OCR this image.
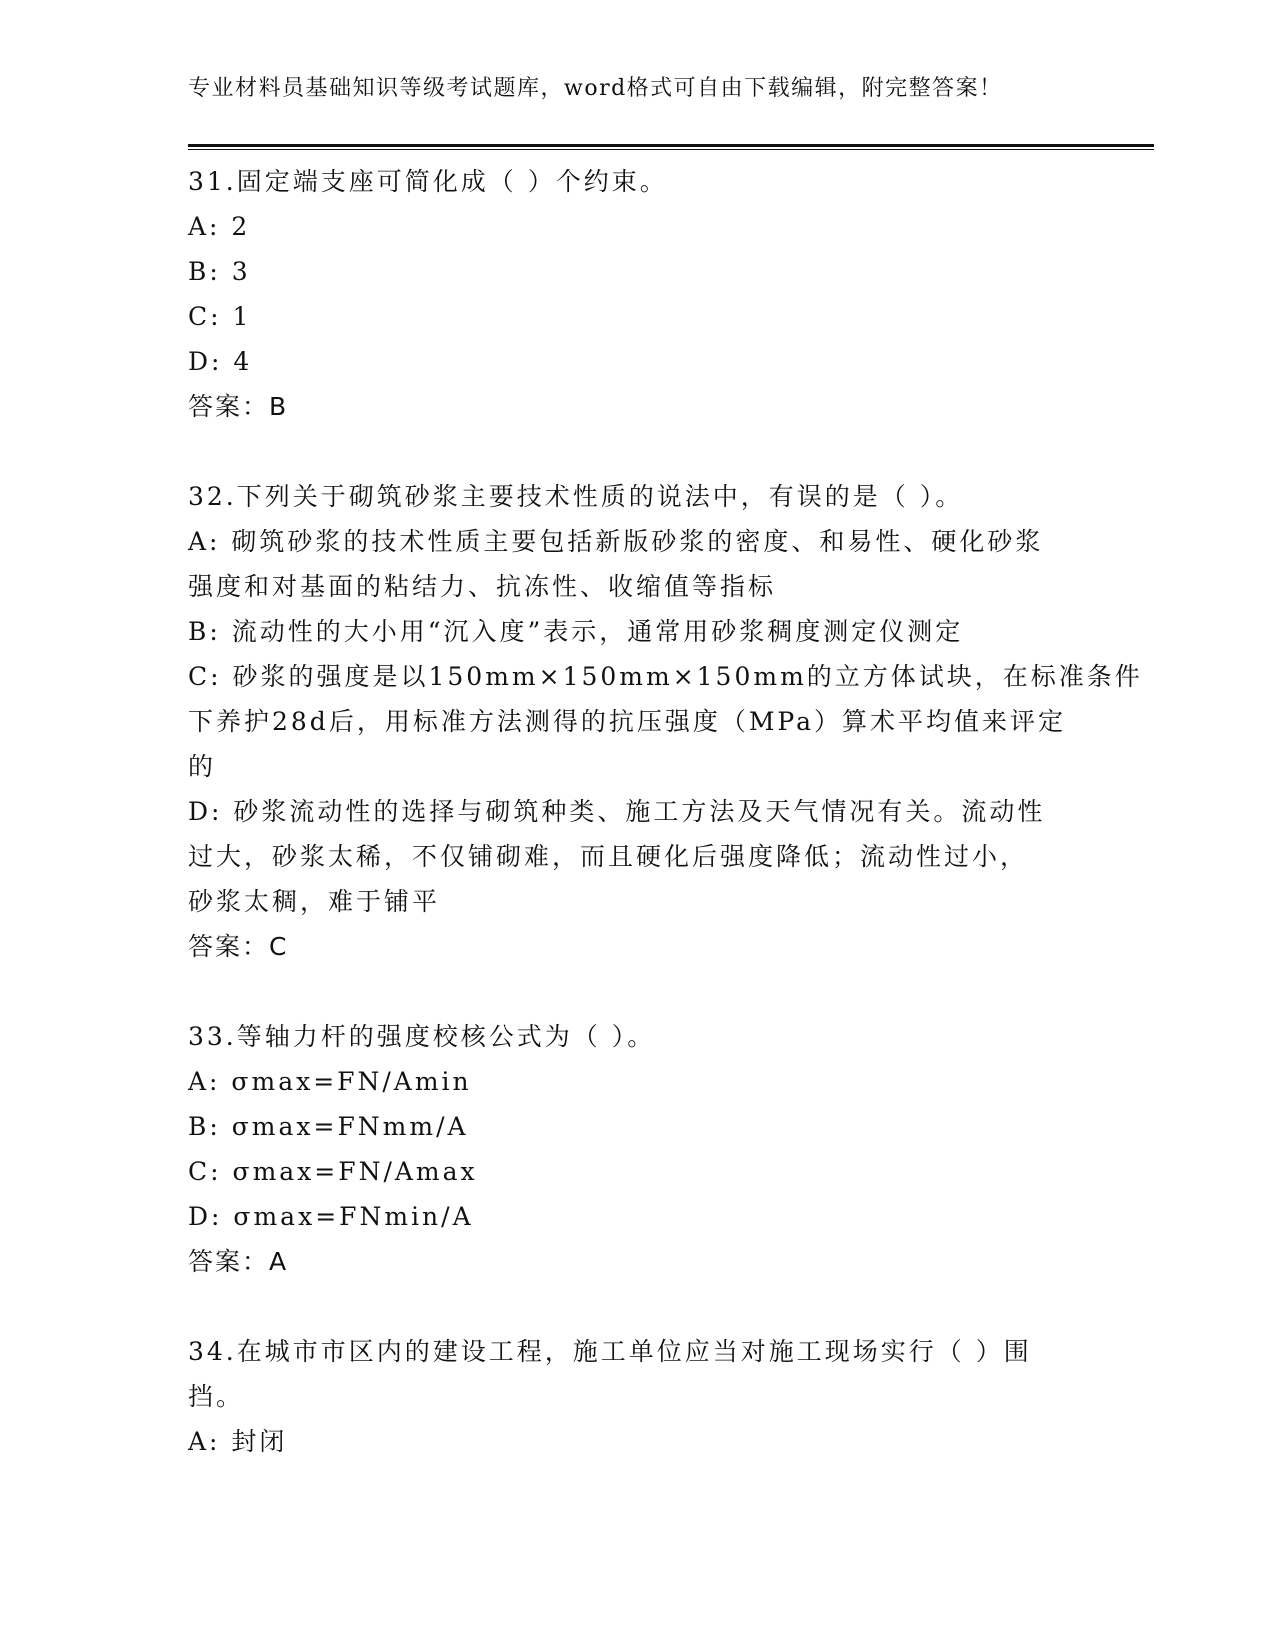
专业材料员基础知识等级考试题库，word格式可自由下载编辑，附完整答案！
31.固定端支座可简化成（ ）个约束。
A: 2
B: 3
C: 1
D: 4
答案：B
32.下列关于砌筑砂浆主要技术性质的说法中，有误的是（ ）。
A: 砌筑砂浆的技术性质主要包括新版砂浆的密度、和易性、硬化砂浆
强度和对基面的粘结力、抗冻性、收缩值等指标
B: 流动性的大小用“沉入度”表示，通常用砂浆稠度测定仪测定
C: 砂浆的强度是以150mm×150mm×150mm的立方体试块，在标准条件
下养护28d后，用标准方法测得的抗压强度（MPa）算术平均值来评定
的
D: 砂浆流动性的选择与砌筑种类、施工方法及天气情况有关。流动性
过大，砂浆太稀，不仅铺砌难，而且硬化后强度降低；流动性过小，
砂浆太稠，难于铺平
答案：C
33.等轴力杆的强度校核公式为（ ）。
A: σmax=FN/Amin
B: σmax=FNmm/A
C: σmax=FN/Amax
D: σmax=FNmin/A
答案：A
34.在城市市区内的建设工程，施工单位应当对施工现场实行（ ）围
挡。
A: 封闭
